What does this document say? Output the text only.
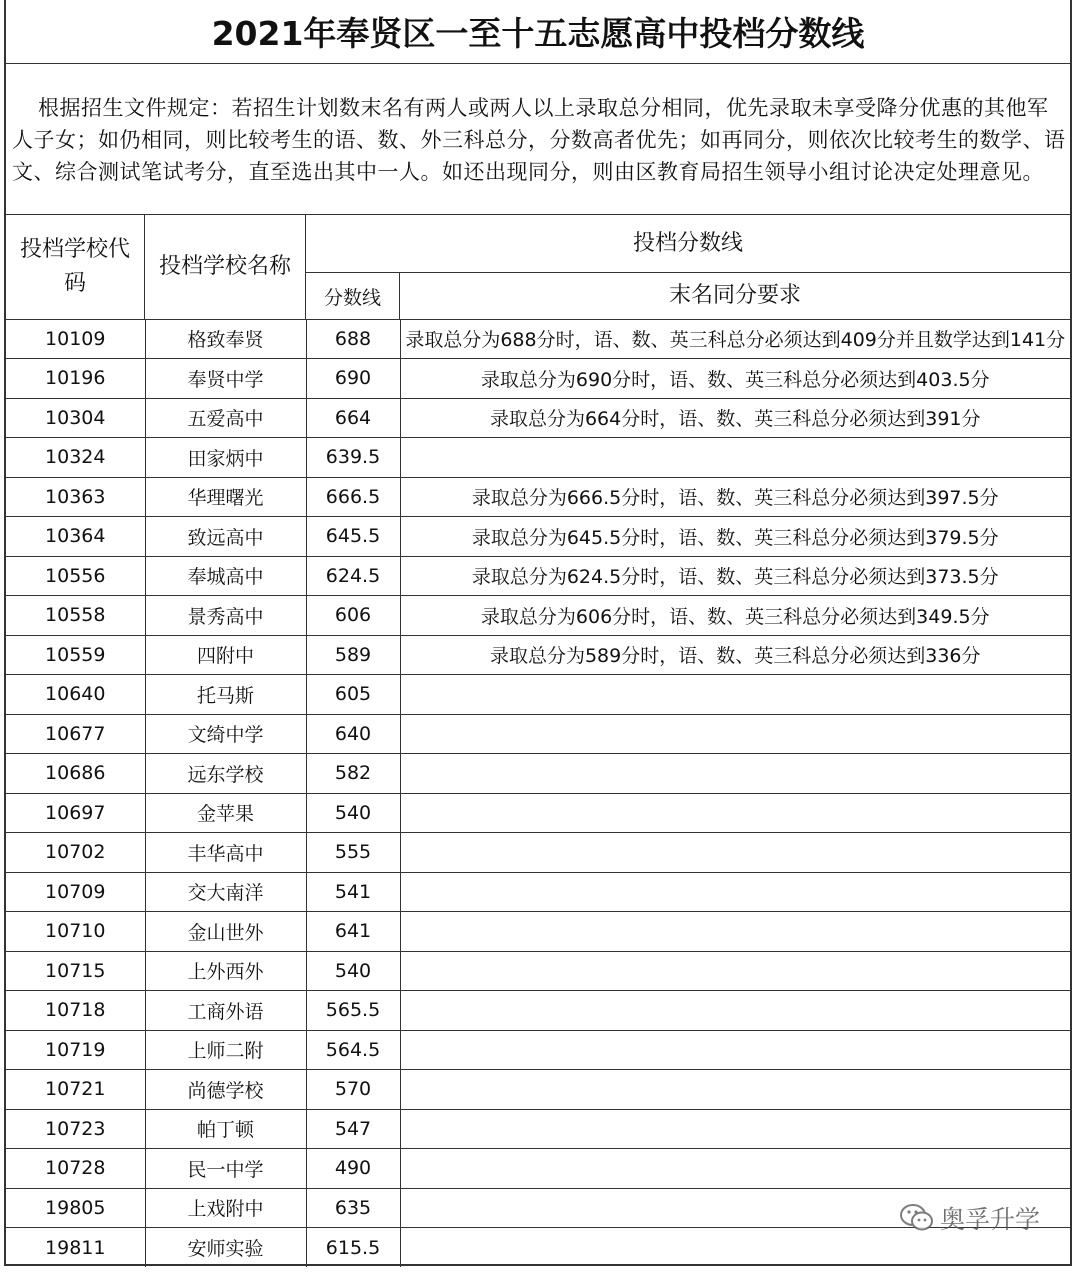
2021年奉贤区一至十五志愿高中投档分数线
根据招生文件规定：若招生计划数末名有两人或两人以上录取总分相同，优先录取未享受降分优惠的其他军人子女；如仍相同，则比较考生的语、数、外三科总分，分数高者优先；如再同分，则依次比较考生的数学、语文、综合测试笔试考分，直至选出其中一人。如还出现同分，则由区教育局招生领导小组讨论决定处理意见。
投档学校代码
投档学校名称
投档分数线
分数线	末名同分要求
10109	格致奉贤	688	录取总分为688分时，语、数、英三科总分必须达到409分并且数学达到141分
10196	奉贤中学	690	录取总分为690分时，语、数、英三科总分必须达到403.5分
10304	五爱高中	664	录取总分为664分时，语、数、英三科总分必须达到391分
10324	田家炳中	639.5	
10363	华理曙光	666.5	录取总分为666.5分时，语、数、英三科总分必须达到397.5分
10364	致远高中	645.5	录取总分为645.5分时，语、数、英三科总分必须达到379.5分
10556	奉城高中	624.5	录取总分为624.5分时，语、数、英三科总分必须达到373.5分
10558	景秀高中	606	录取总分为606分时，语、数、英三科总分必须达到349.5分
10559	四附中	589	录取总分为589分时，语、数、英三科总分必须达到336分
10640	托马斯	605	
10677	文绮中学	640	
10686	远东学校	582	
10697	金苹果	540	
10702	丰华高中	555	
10709	交大南洋	541	
10710	金山世外	641	
10715	上外西外	540	
10718	工商外语	565.5	
10719	上师二附	564.5	
10721	尚德学校	570	
10723	帕丁顿	547	
10728	民一中学	490	
19805	上戏附中	635	
19811	安师实验	615.5	
奥孚升学
